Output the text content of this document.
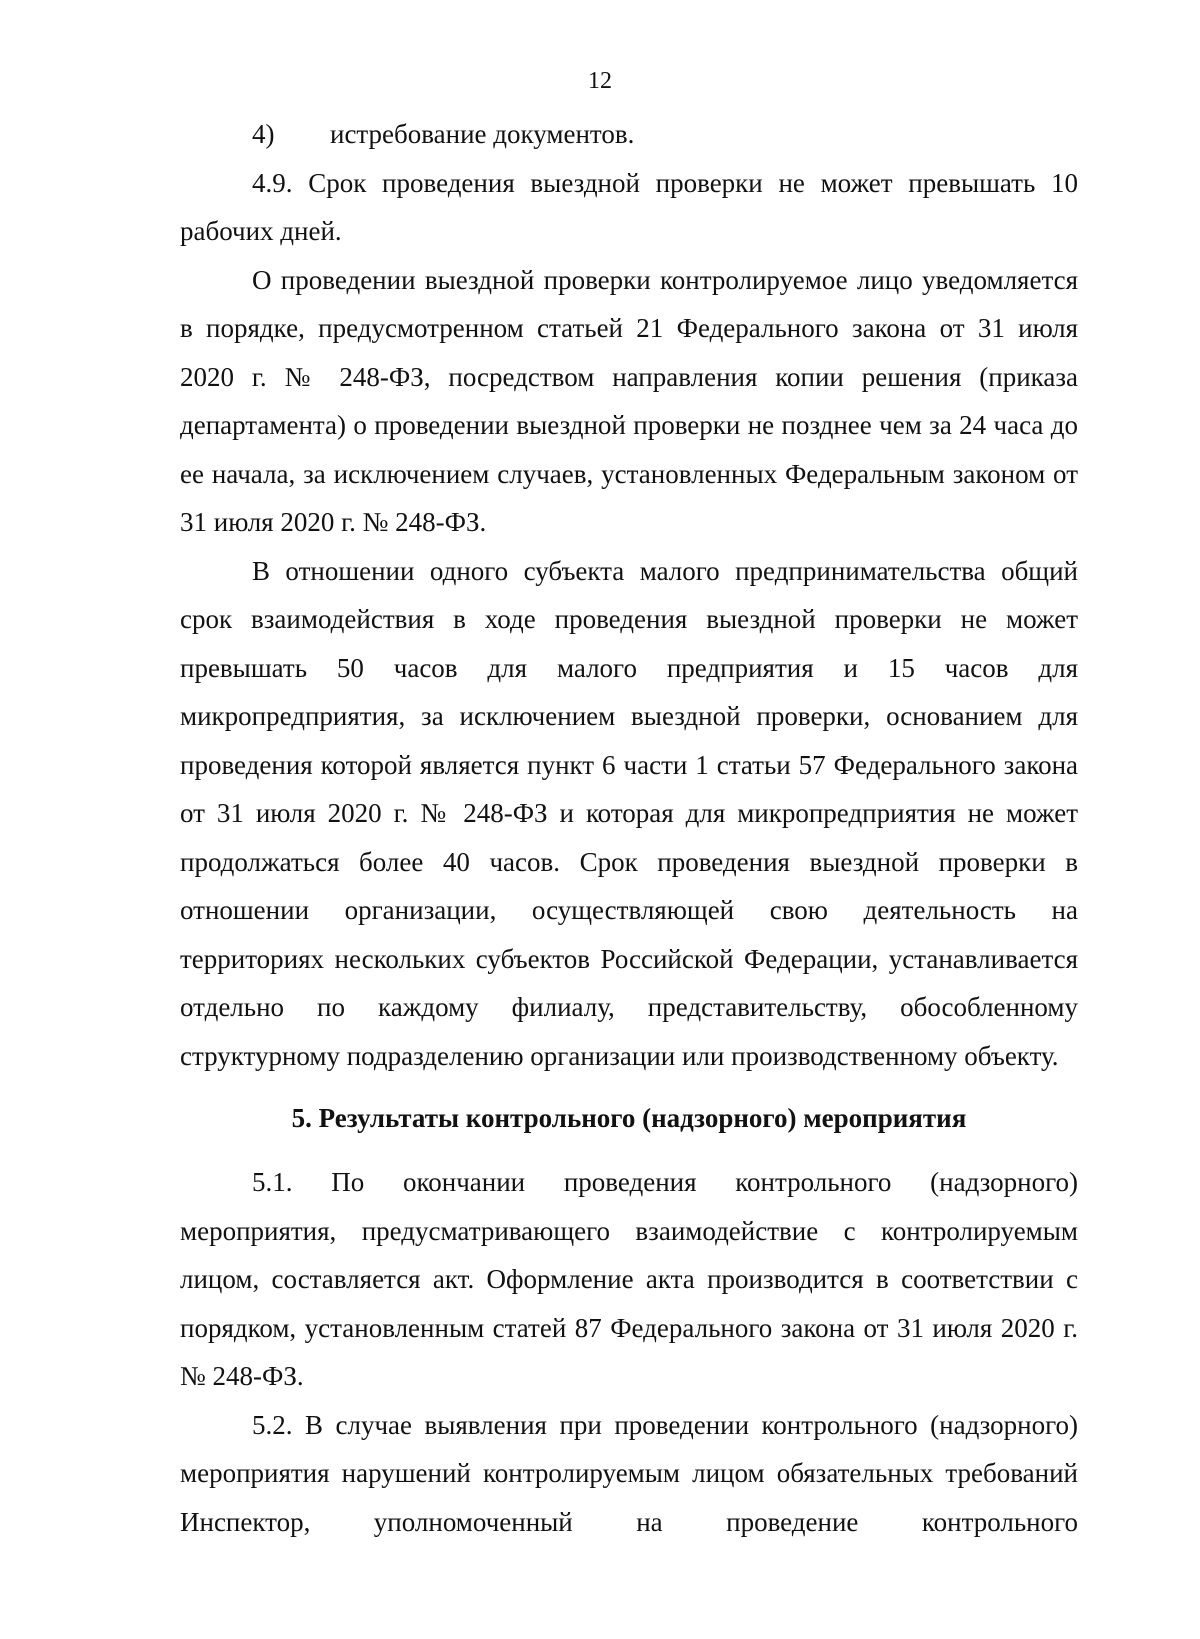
12

4) истребование документов.

4.9. Срок проведения выездной проверки не может превышать 10 рабочих дней.

О проведении выездной проверки контролируемое лицо уведомляется в порядке, предусмотренном статьей 21 Федерального закона от 31 июля 2020 г. № 248-ФЗ, посредством направления копии решения (приказа департамента) о проведении выездной проверки не позднее чем за 24 часа до ее начала, за исключением случаев, установленных Федеральным законом от 31 июля 2020 г. № 248-ФЗ.

В отношении одного субъекта малого предпринимательства общий срок взаимодействия в ходе проведения выездной проверки не может превышать 50 часов для малого предприятия и 15 часов для микропредприятия, за исключением выездной проверки, основанием для проведения которой является пункт 6 части 1 статьи 57 Федерального закона от 31 июля 2020 г. № 248-ФЗ и которая для микропредприятия не может продолжаться более 40 часов. Срок проведения выездной проверки в отношении организации, осуществляющей свою деятельность на территориях нескольких субъектов Российской Федерации, устанавливается отдельно по каждому филиалу, представительству, обособленному структурному подразделению организации или производственному объекту.

5. Результаты контрольного (надзорного) мероприятия

5.1. По окончании проведения контрольного (надзорного) мероприятия, предусматривающего взаимодействие с контролируемым лицом, составляется акт. Оформление акта производится в соответствии с порядком, установленным статей 87 Федерального закона от 31 июля 2020 г. № 248-ФЗ.

5.2. В случае выявления при проведении контрольного (надзорного) мероприятия нарушений контролируемым лицом обязательных требований Инспектор, уполномоченный на проведение контрольного
